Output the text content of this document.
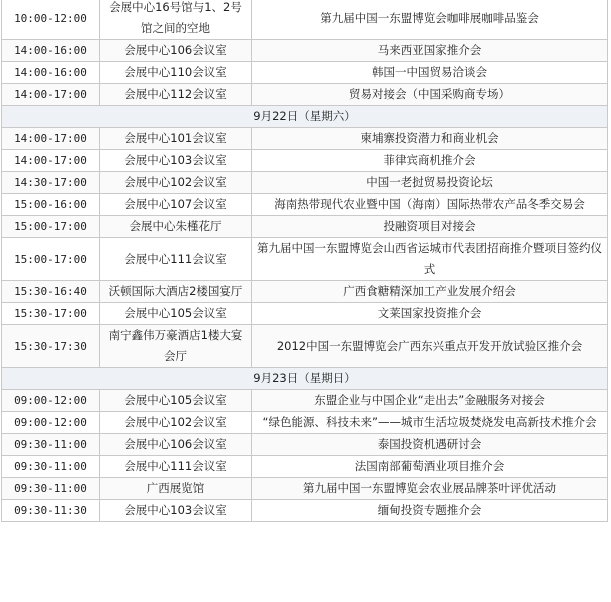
10:00-12:00	会展中心16号馆与1、2号馆之间的空地	第九届中国一东盟博览会咖啡展咖啡品鉴会
14:00-16:00	会展中心106会议室	马来西亚国家推介会
14:00-16:00	会展中心110会议室	韩国一中国贸易洽谈会
14:00-17:00	会展中心112会议室	贸易对接会（中国采购商专场）
9月22日（星期六）		
14:00-17:00	会展中心101会议室	柬埔寨投资潜力和商业机会
14:00-17:00	会展中心103会议室	菲律宾商机推介会
14:30-17:00	会展中心102会议室	中国一老挝贸易投资论坛
15:00-16:00	会展中心107会议室	海南热带现代农业暨中国（海南）国际热带农产品冬季交易会
15:00-17:00	会展中心朱槿花厅	投融资项目对接会
15:00-17:00	会展中心111会议室	第九届中国一东盟博览会山西省运城市代表团招商推介暨项目签约仪式
15:30-16:40	沃顿国际大酒店2楼国宴厅	广西食糖精深加工产业发展介绍会
15:30-17:00	会展中心105会议室	文莱国家投资推介会
15:30-17:30	南宁鑫伟万豪酒店1楼大宴会厅	2012中国一东盟博览会广西东兴重点开发开放试验区推介会
9月23日（星期日）		
09:00-12:00	会展中心105会议室	东盟企业与中国企业“走出去”金融服务对接会
09:00-12:00	会展中心102会议室	“绿色能源、科技未来”——城市生活垃圾焚烧发电高新技术推介会
09:30-11:00	会展中心106会议室	泰国投资机遇研讨会
09:30-11:00	会展中心111会议室	法国南部葡萄酒业项目推介会
09:30-11:00	广西展览馆	第九届中国一东盟博览会农业展品牌茶叶评优活动
09:30-11:30	会展中心103会议室	缅甸投资专题推介会
